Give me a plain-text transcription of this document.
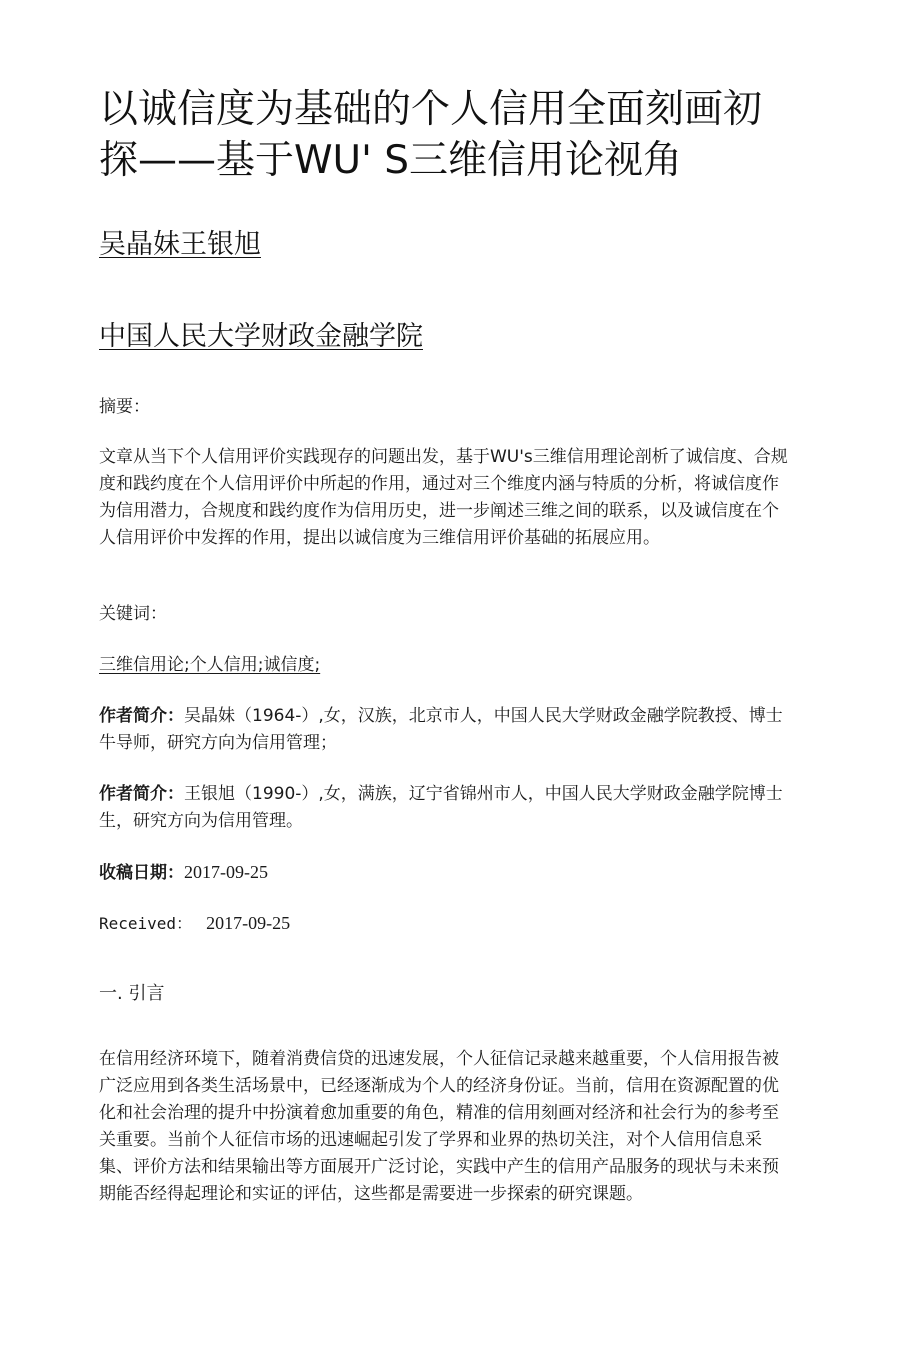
以诚信度为基础的个人信用全面刻画初探——基于WU' S三维信用论视角
吴晶妹王银旭
中国人民大学财政金融学院
摘要：
文章从当下个人信用评价实践现存的问题出发，基于WU's三维信用理论剖析了诚信度、合规度和践约度在个人信用评价中所起的作用，通过对三个维度内涵与特质的分析，将诚信度作为信用潜力，合规度和践约度作为信用历史，进一步阐述三维之间的联系，以及诚信度在个人信用评价中发挥的作用，提出以诚信度为三维信用评价基础的拓展应用。
关键词：
三维信用论;个人信用;诚信度;
作者简介：吴晶妹（1964-）,女，汉族，北京市人，中国人民大学财政金融学院教授、博士牛导师，研究方向为信用管理；
作者简介：王银旭（1990-）,女，满族，辽宁省锦州市人，中国人民大学财政金融学院博士生，研究方向为信用管理。
收稿日期：2017-09-25
Received： 2017-09-25
一. 引言
在信用经济环境下，随着消费信贷的迅速发展，个人征信记录越来越重要，个人信用报告被广泛应用到各类生活场景中，已经逐渐成为个人的经济身份证。当前，信用在资源配置的优化和社会治理的提升中扮演着愈加重要的角色，精准的信用刻画对经济和社会行为的参考至关重要。当前个人征信市场的迅速崛起引发了学界和业界的热切关注，对个人信用信息采集、评价方法和结果输出等方面展开广泛讨论，实践中产生的信用产品服务的现状与未来预期能否经得起理论和实证的评估，这些都是需要进一步探索的研究课题。
